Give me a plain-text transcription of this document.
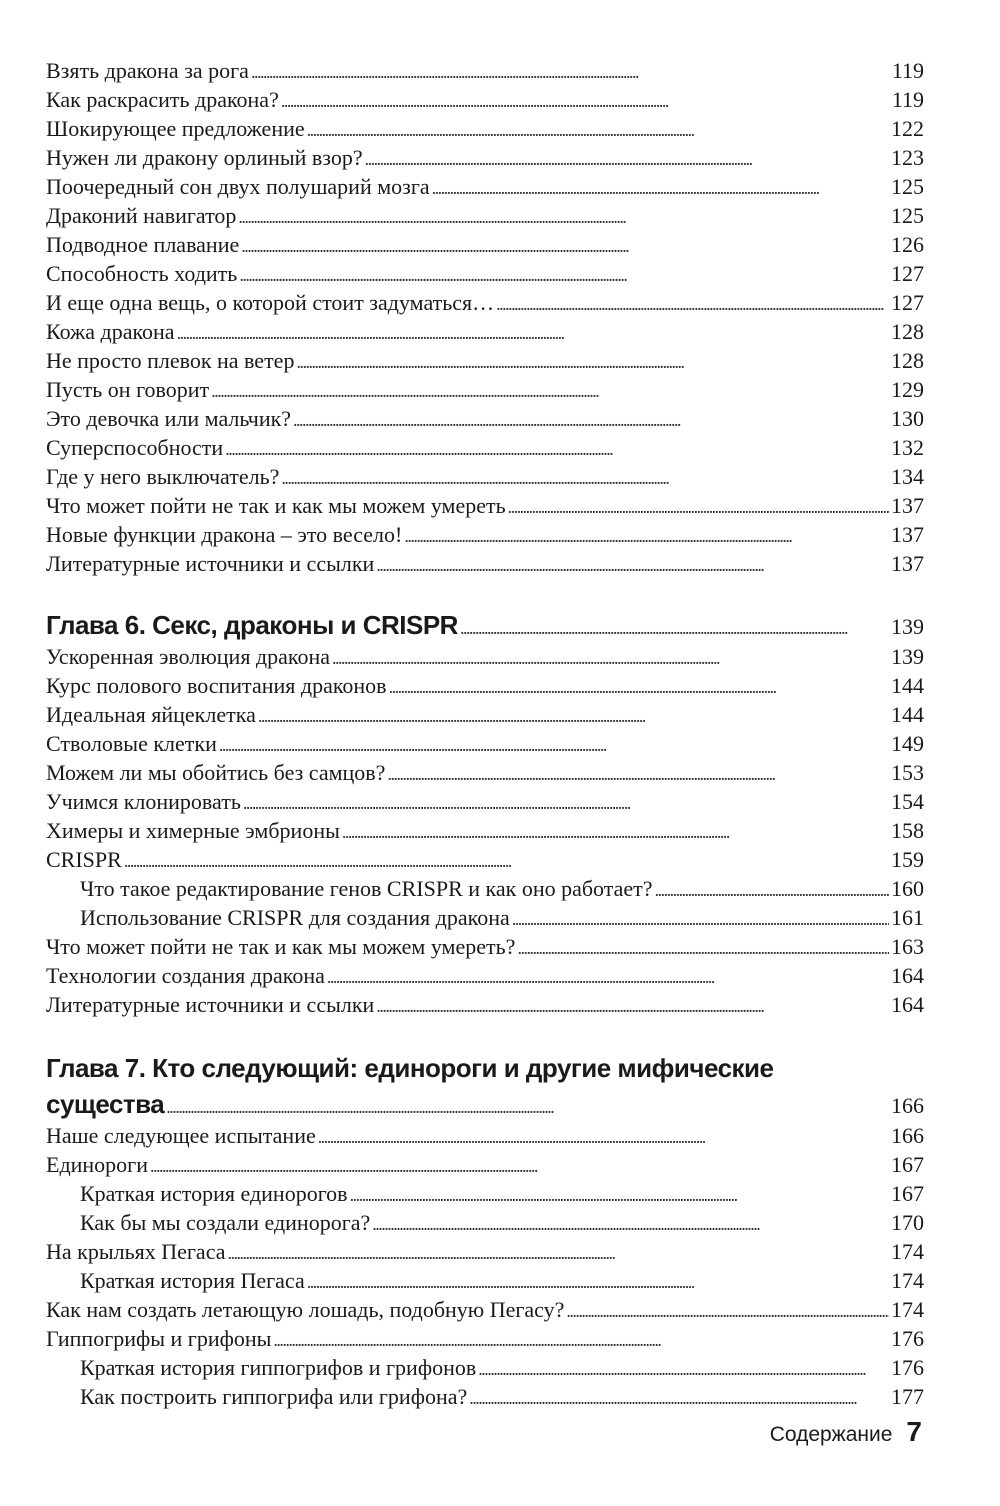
Взять дракона за рога . . .	119
Как раскрасить дракона? . . .	119
Шокирующее предложение . . .	122
Нужен ли дракону орлиный взор? . . .	123
Поочередный сон двух полушарий мозга . . .	125
Драконий навигатор . . .	125
Подводное плавание . . .	126
Способность ходить . . .	127
И еще одна вещь, о которой стоит задуматься… . . .	127
Кожа дракона . . .	128
Не просто плевок на ветер . . .	128
Пусть он говорит . . .	129
Это девочка или мальчик? . . .	130
Суперспособности . . .	132
Где у него выключатель? . . .	134
Что может пойти не так и как мы можем умереть . . .	137
Новые функции дракона – это весело! . . .	137
Литературные источники и ссылки . . .	137
Глава 6. Секс, драконы и CRISPR . . .	139
Ускоренная эволюция дракона . . .	139
Курс полового воспитания драконов . . .	144
Идеальная яйцеклетка . . .	144
Стволовые клетки . . .	149
Можем ли мы обойтись без самцов? . . .	153
Учимся клонировать . . .	154
Химеры и химерные эмбрионы . . .	158
CRISPR . . .	159
Что такое редактирование генов CRISPR и как оно работает? . . .	160
Использование CRISPR для создания дракона . . .	161
Что может пойти не так и как мы можем умереть? . . .	163
Технологии создания дракона . . .	164
Литературные источники и ссылки . . .	164
Глава 7. Кто следующий: единороги и другие мифические
существа . . .	166
Наше следующее испытание . . .	166
Единороги . . .	167
Краткая история единорогов . . .	167
Как бы мы создали единорога? . . .	170
На крыльях Пегаса . . .	174
Краткая история Пегаса . . .	174
Как нам создать летающую лошадь, подобную Пегасу? . . .	174
Гиппогрифы и грифоны . . .	176
Краткая история гиппогрифов и грифонов . . .	176
Как построить гиппогрифа или грифона? . . .	177
Содержание 7
